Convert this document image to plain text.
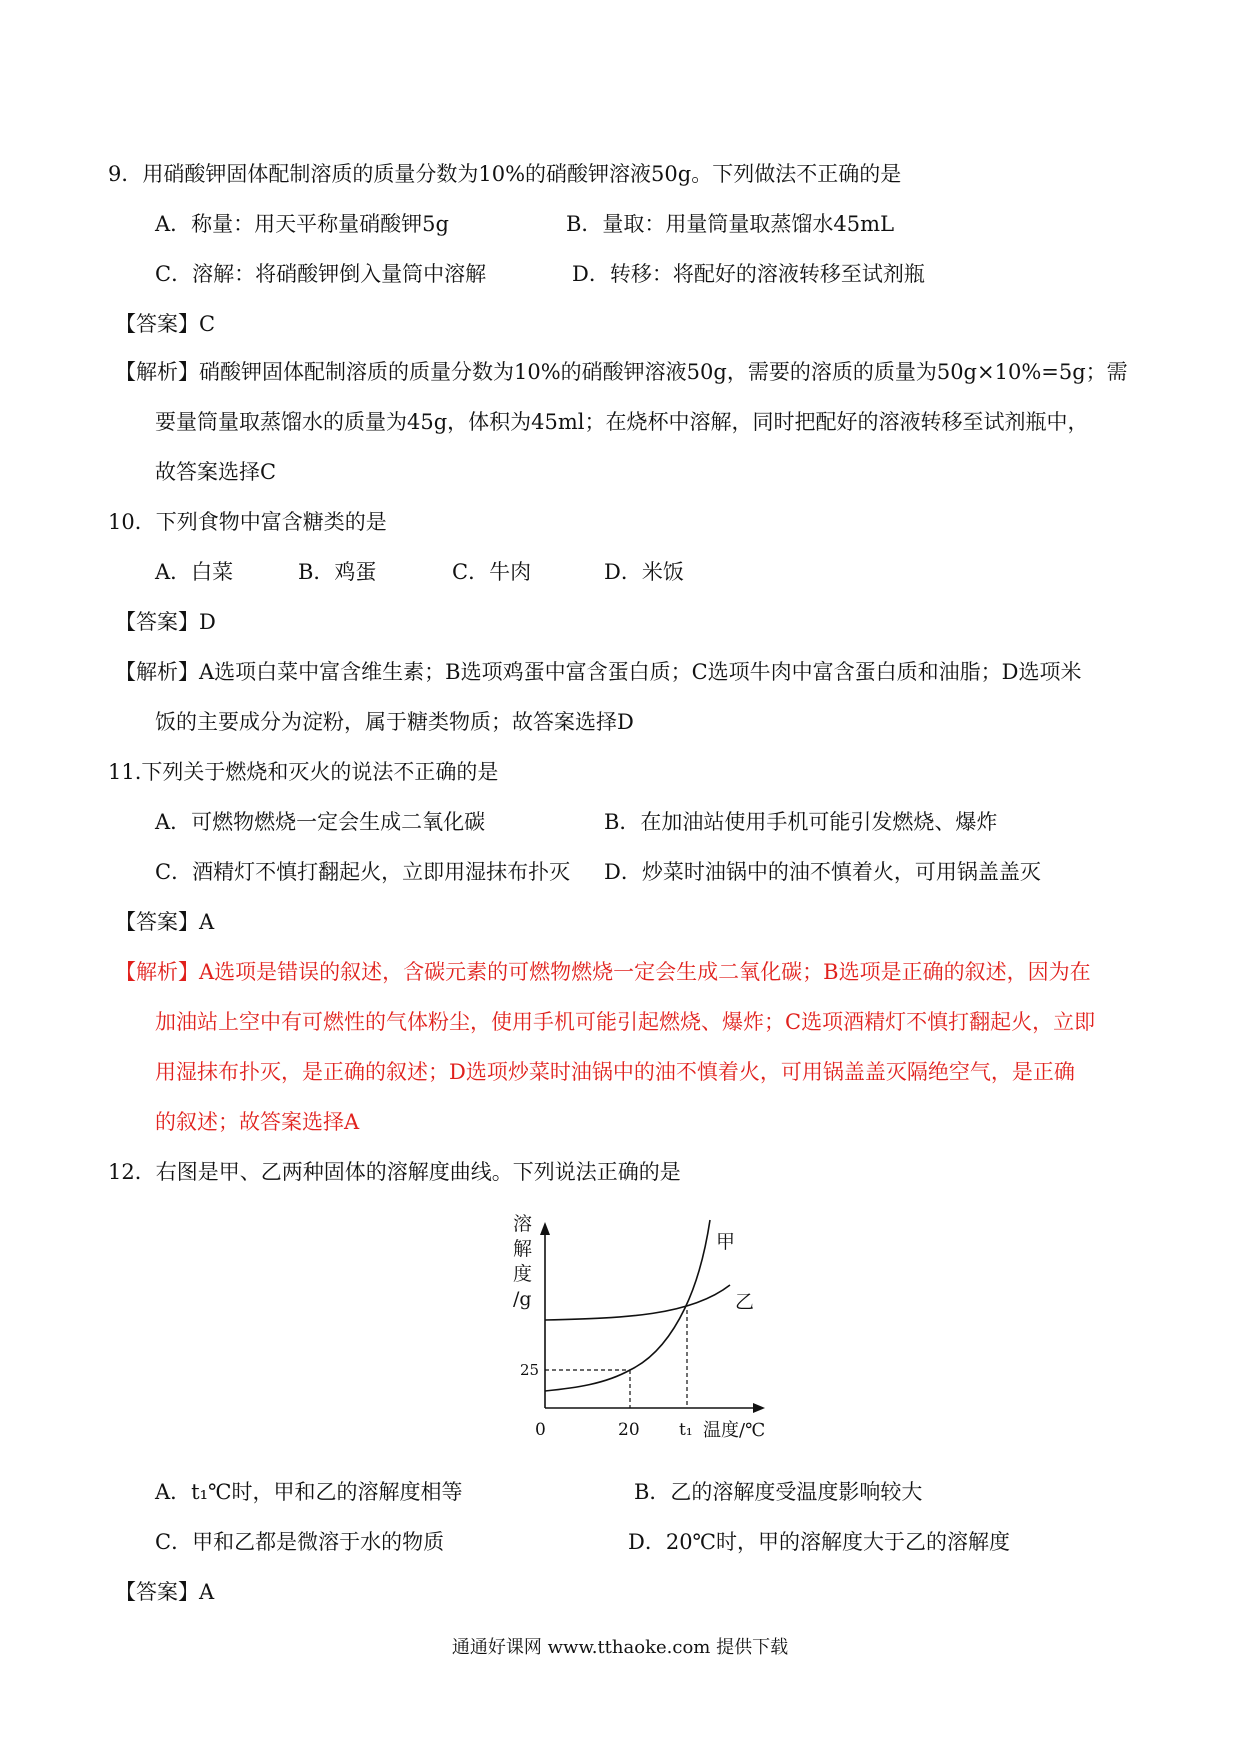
9．用硝酸钾固体配制溶质的质量分数为10%的硝酸钾溶液50g。下列做法不正确的是
A．称量：用天平称量硝酸钾5g	B．量取：用量筒量取蒸馏水45mL
C．溶解：将硝酸钾倒入量筒中溶解	D．转移：将配好的溶液转移至试剂瓶
【答案】C
【解析】硝酸钾固体配制溶质的质量分数为10%的硝酸钾溶液50g，需要的溶质的质量为50g×10%=5g；需
要量筒量取蒸馏水的质量为45g，体积为45ml；在烧杯中溶解，同时把配好的溶液转移至试剂瓶中，
故答案选择C
10．下列食物中富含糖类的是
A．白菜	B．鸡蛋	C．牛肉	D．米饭
【答案】D
【解析】A选项白菜中富含维生素；B选项鸡蛋中富含蛋白质；C选项牛肉中富含蛋白质和油脂；D选项米
饭的主要成分为淀粉，属于糖类物质；故答案选择D
11.下列关于燃烧和灭火的说法不正确的是
A．可燃物燃烧一定会生成二氧化碳	B．在加油站使用手机可能引发燃烧、爆炸
C．酒精灯不慎打翻起火，立即用湿抹布扑灭 D．炒菜时油锅中的油不慎着火，可用锅盖盖灭
【答案】A
【解析】A选项是错误的叙述，含碳元素的可燃物燃烧一定会生成二氧化碳；B选项是正确的叙述，因为在
加油站上空中有可燃性的气体粉尘，使用手机可能引起燃烧、爆炸；C选项酒精灯不慎打翻起火，立即
用湿抹布扑灭，是正确的叙述；D选项炒菜时油锅中的油不慎着火，可用锅盖盖灭隔绝空气，是正确
的叙述；故答案选择A
12．右图是甲、乙两种固体的溶解度曲线。下列说法正确的是
溶
解
度
/g
甲
乙
25
0	20 t₁ 温度/℃
A．t₁℃时，甲和乙的溶解度相等	B．乙的溶解度受温度影响较大
C．甲和乙都是微溶于水的物质	D．20℃时，甲的溶解度大于乙的溶解度
【答案】A
通通好课网 www.tthaoke.com 提供下载
